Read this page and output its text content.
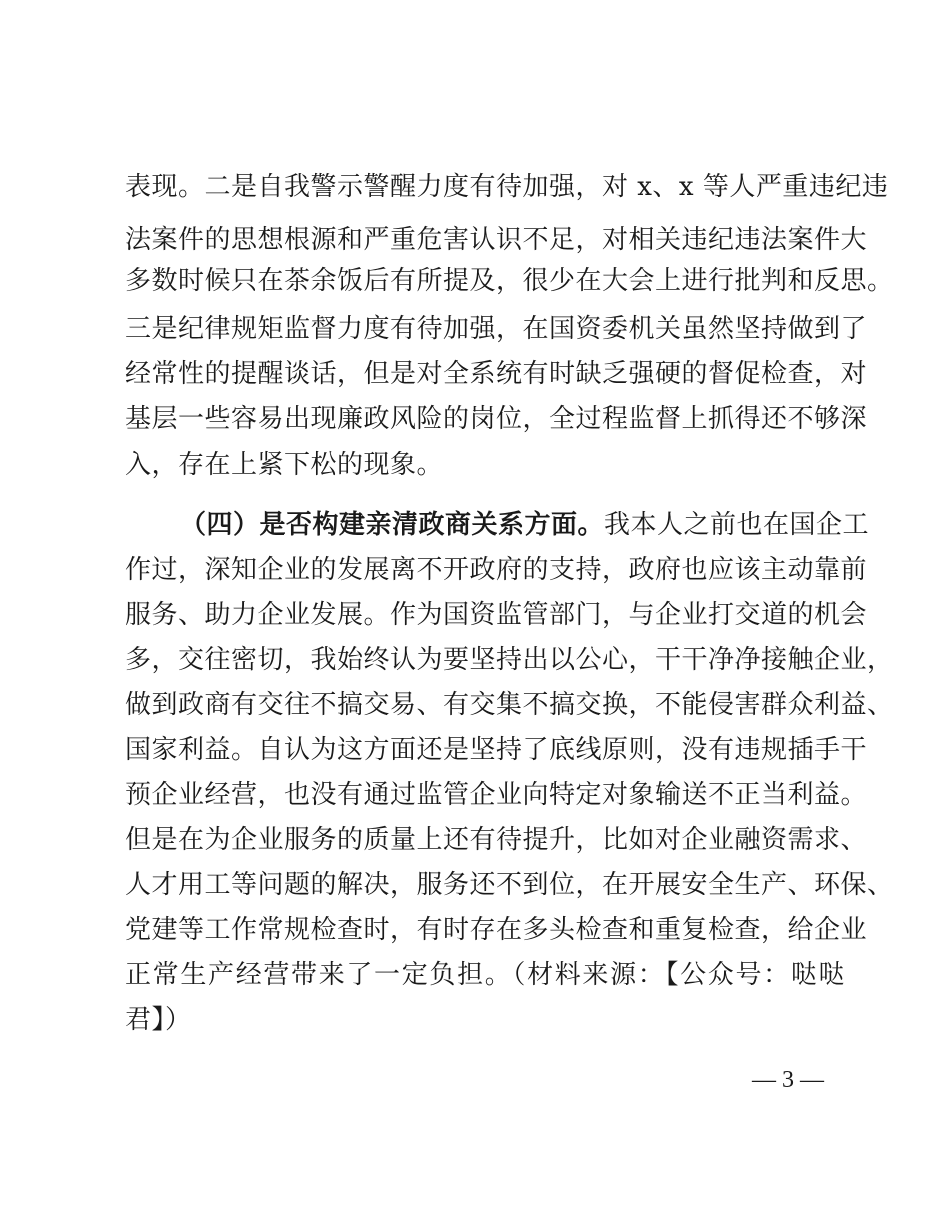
表现。二是自我警示警醒力度有待加强，对 x、x 等人严重违纪违
法案件的思想根源和严重危害认识不足，对相关违纪违法案件大
多数时候只在茶余饭后有所提及，很少在大会上进行批判和反思。
三是纪律规矩监督力度有待加强，在国资委机关虽然坚持做到了
经常性的提醒谈话，但是对全系统有时缺乏强硬的督促检查，对
基层一些容易出现廉政风险的岗位，全过程监督上抓得还不够深
入，存在上紧下松的现象。
（四）是否构建亲清政商关系方面。我本人之前也在国企工
作过，深知企业的发展离不开政府的支持，政府也应该主动靠前
服务、助力企业发展。作为国资监管部门，与企业打交道的机会
多，交往密切，我始终认为要坚持出以公心，干干净净接触企业，
做到政商有交往不搞交易、有交集不搞交换，不能侵害群众利益、
国家利益。自认为这方面还是坚持了底线原则，没有违规插手干
预企业经营，也没有通过监管企业向特定对象输送不正当利益。
但是在为企业服务的质量上还有待提升，比如对企业融资需求、
人才用工等问题的解决，服务还不到位，在开展安全生产、环保、
党建等工作常规检查时，有时存在多头检查和重复检查，给企业
正常生产经营带来了一定负担。（材料来源：【公众号：哒哒
君】）
— 3 —
